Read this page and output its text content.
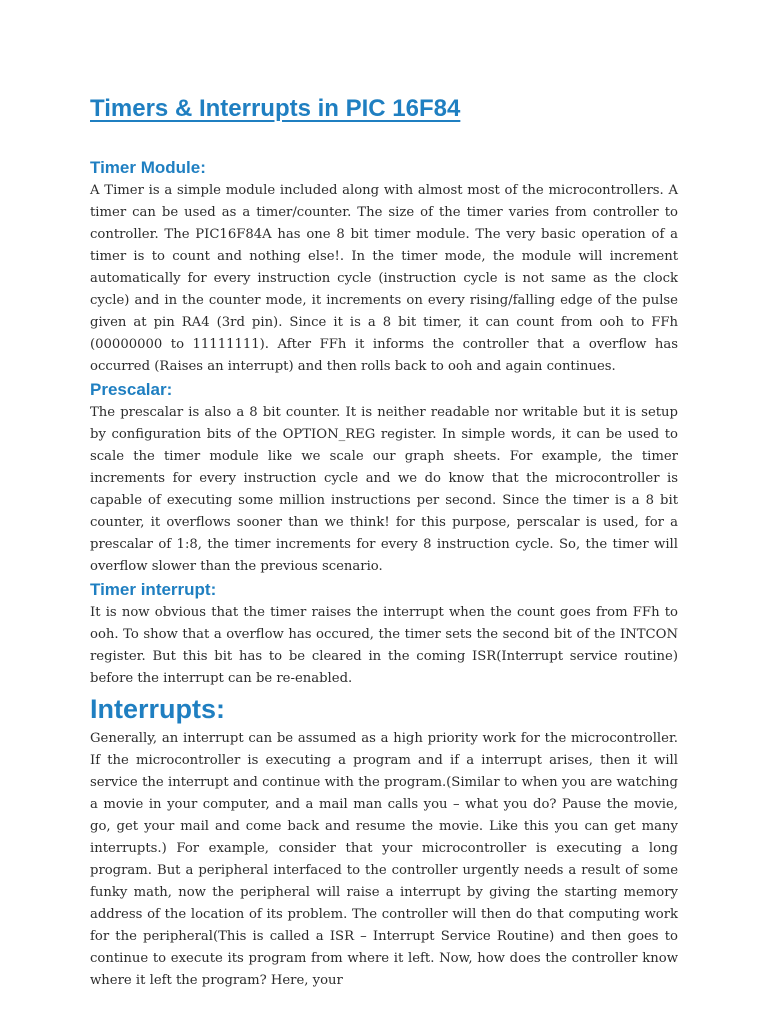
Timers & Interrupts in PIC 16F84
Timer Module:

A Timer is a simple module included along with almost most of the microcontrollers. A timer can be used as a timer/counter. The size of the timer varies from controller to controller. The PIC16F84A has one 8 bit timer module. The very basic operation of a timer is to count and nothing else!. In the timer mode, the module will increment automatically for every instruction cycle (instruction cycle is not same as the clock cycle) and in the counter mode, it increments on every rising/falling edge of the pulse given at pin RA4 (3rd pin). Since it is a 8 bit timer, it can count from ooh to FFh (00000000 to 11111111). After FFh it informs the controller that a overflow has occurred (Raises an interrupt) and then rolls back to ooh and again continues.

Prescalar:

The prescalar is also a 8 bit counter. It is neither readable nor writable but it is setup by configuration bits of the OPTION_REG register. In simple words, it can be used to scale the timer module like we scale our graph sheets. For example, the timer increments for every instruction cycle and we do know that the microcontroller is capable of executing some million instructions per second. Since the timer is a 8 bit counter, it overflows sooner than we think! for this purpose, perscalar is used, for a prescalar of 1:8, the timer increments for every 8 instruction cycle. So, the timer will overflow slower than the previous scenario.

Timer interrupt:

It is now obvious that the timer raises the interrupt when the count goes from FFh to ooh. To show that a overflow has occured, the timer sets the second bit of the INTCON register. But this bit has to be cleared in the coming ISR(Interrupt service routine) before the interrupt can be re-enabled.

Interrupts:

Generally, an interrupt can be assumed as a high priority work for the microcontroller. If the microcontroller is executing a program and if a interrupt arises, then it will service the interrupt and continue with the program.(Similar to when you are watching a movie in your computer, and a mail man calls you – what you do? Pause the movie, go, get your mail and come back and resume the movie. Like this you can get many interrupts.) For example, consider that your microcontroller is executing a long program. But a peripheral interfaced to the controller urgently needs a result of some funky math, now the peripheral will raise a interrupt by giving the starting memory address of the location of its problem. The controller will then do that computing work for the peripheral(This is called a ISR – Interrupt Service Routine) and then goes to continue to execute its program from where it left. Now, how does the controller know where it left the program? Here, your
